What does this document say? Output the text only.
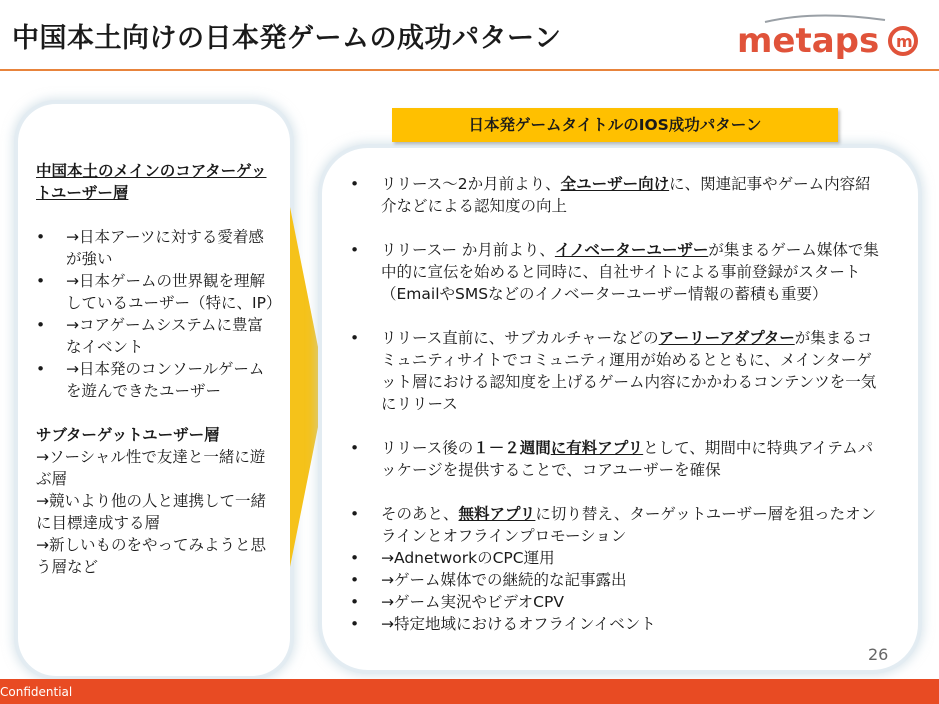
中国本土向けの日本発ゲームの成功パターン	metaps m
中国本土のメインのコアターゲットユーザー層
• →日本アーツに対する愛着感が強い
• →日本ゲームの世界観を理解しているユーザー（特に、IP）
• →コアゲームシステムに豊富なイベント
• →日本発のコンソールゲームを遊んできたユーザー
サブターゲットユーザー層
→ソーシャル性で友達と一緒に遊ぶ層
→競いより他の人と連携して一緒に目標達成する層
→新しいものをやってみようと思う層など
日本発ゲームタイトルのIOS成功パターン
• リリース～2か月前より、全ユーザー向けに、関連記事やゲーム内容紹介などによる認知度の向上
• リリースー か月前より、イノベーターユーザーが集まるゲーム媒体で集中的に宣伝を始めると同時に、自社サイトによる事前登録がスタート（EmailやSMSなどのイノベーターユーザー情報の蓄積も重要）
• リリース直前に、サブカルチャーなどのアーリーアダプターが集まるコミュニティサイトでコミュニティ運用が始めるとともに、メインターゲット層における認知度を上げるゲーム内容にかかわるコンテンツを一気にリリース
• リリース後の１－２週間に有料アプリとして、期間中に特典アイテムパッケージを提供することで、コアユーザーを確保
• そのあと、無料アプリに切り替え、ターゲットユーザー層を狙ったオンラインとオフラインプロモーション
• →AdnetworkのCPC運用
• →ゲーム媒体での継続的な記事露出
• →ゲーム実況やビデオCPV
• →特定地域におけるオフラインイベント
26
Confidential
